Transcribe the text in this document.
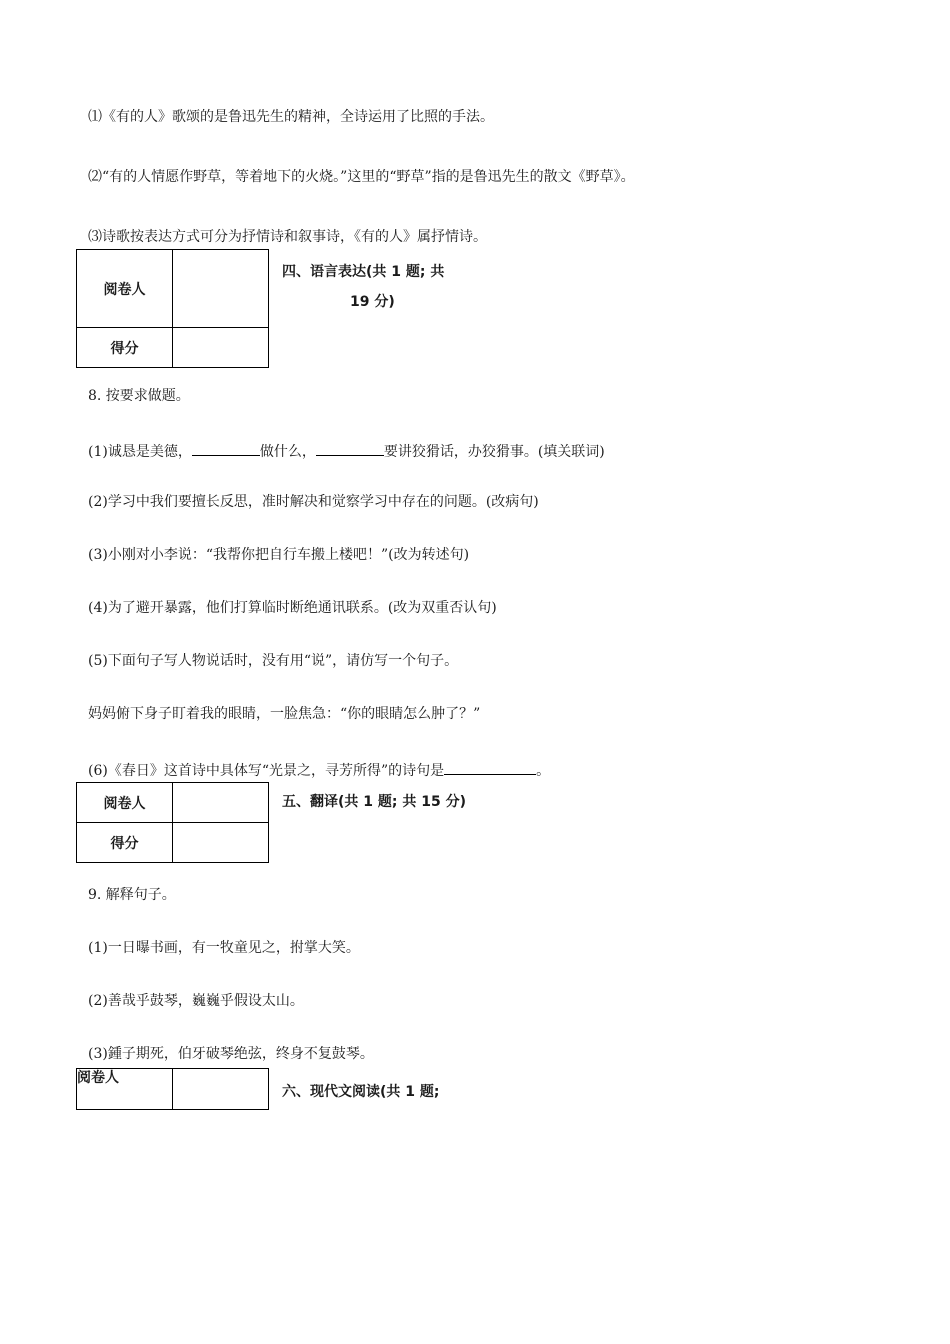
⑴《有的人》歌颂的是鲁迅先生的精神，全诗运用了比照的手法。
⑵“有的人情愿作野草，等着地下的火烧。”这里的“野草”指的是鲁迅先生的散文《野草》。
⑶诗歌按表达方式可分为抒情诗和叙事诗，《有的人》属抒情诗。
阅卷人	
得分	
四、语言表达(共 1 题; 共
19 分)
8. 按要求做题。
(1)诚恳是美德，	做什么，	要讲狡猾话，办狡猾事。(填关联词)
(2)学习中我们要擅长反思，准时解决和觉察学习中存在的问题。(改病句)
(3)小刚对小李说：“我帮你把自行车搬上楼吧！”(改为转述句)
(4)为了避开暴露，他们打算临时断绝通讯联系。(改为双重否认句)
(5)下面句子写人物说话时，没有用“说”，请仿写一个句子。
妈妈俯下身子盯着我的眼睛，一脸焦急：“你的眼睛怎么肿了？”
(6)《春日》这首诗中具体写“光景之，寻芳所得”的诗句是	。
阅卷人	
得分	
五、翻译(共 1 题; 共 15 分)
9. 解释句子。
(1)一日曝书画，有一牧童见之，拊掌大笑。
(2)善哉乎鼓琴，巍巍乎假设太山。
(3)鍾子期死，伯牙破琴绝弦，终身不复鼓琴。
阅卷人	
六、现代文阅读(共 1 题;
